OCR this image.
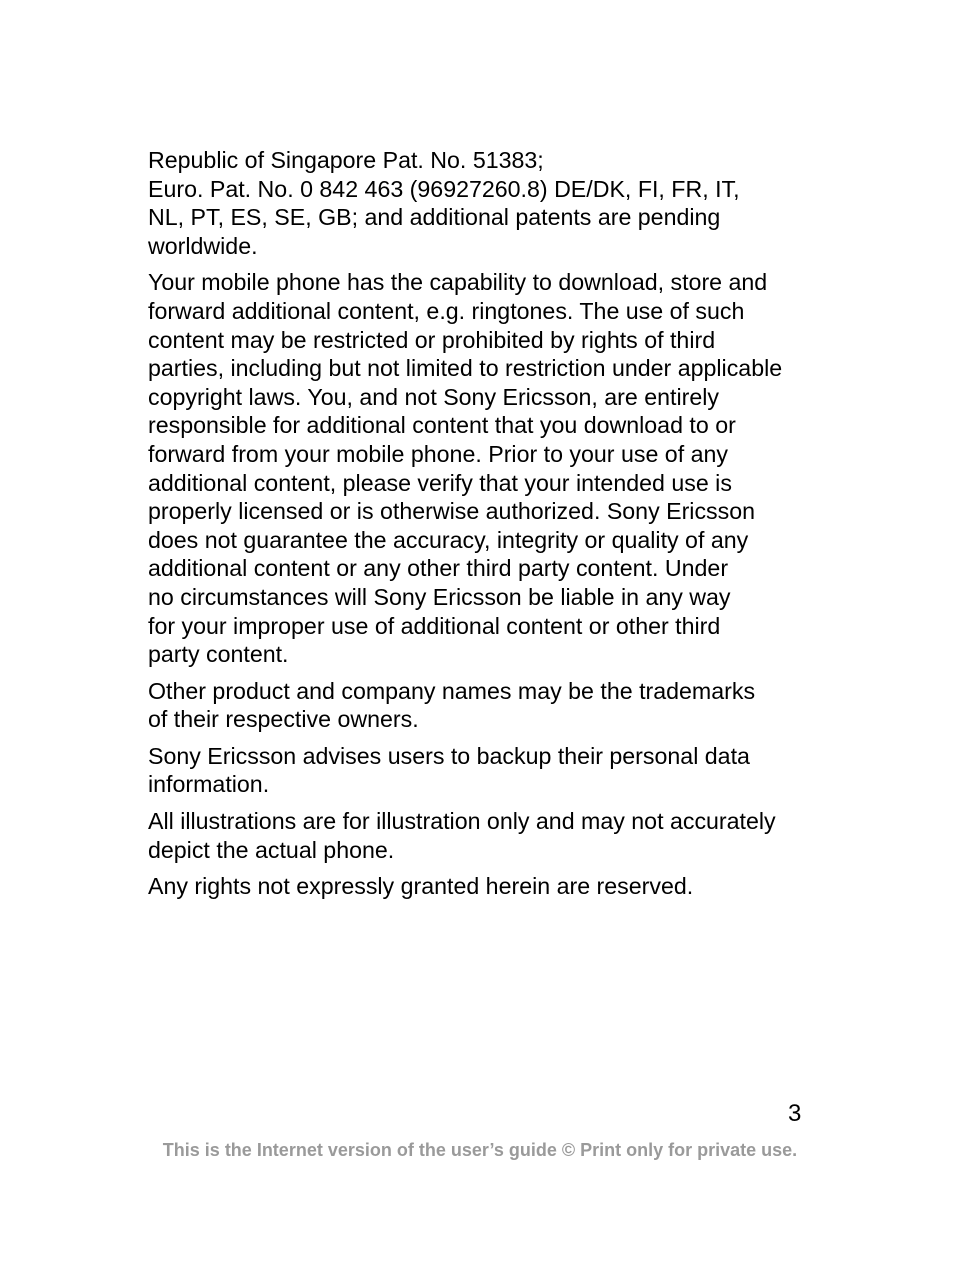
Republic of Singapore Pat. No. 51383;
Euro. Pat. No. 0 842 463 (96927260.8) DE/DK, FI, FR, IT,
NL, PT, ES, SE, GB; and additional patents are pending
worldwide.

Your mobile phone has the capability to download, store and
forward additional content, e.g. ringtones. The use of such
content may be restricted or prohibited by rights of third
parties, including but not limited to restriction under applicable
copyright laws. You, and not Sony Ericsson, are entirely
responsible for additional content that you download to or
forward from your mobile phone. Prior to your use of any
additional content, please verify that your intended use is
properly licensed or is otherwise authorized. Sony Ericsson
does not guarantee the accuracy, integrity or quality of any
additional content or any other third party content. Under
no circumstances will Sony Ericsson be liable in any way
for your improper use of additional content or other third
party content.

Other product and company names may be the trademarks
of their respective owners.

Sony Ericsson advises users to backup their personal data
information.

All illustrations are for illustration only and may not accurately
depict the actual phone.

Any rights not expressly granted herein are reserved.

3
This is the Internet version of the user’s guide © Print only for private use.
